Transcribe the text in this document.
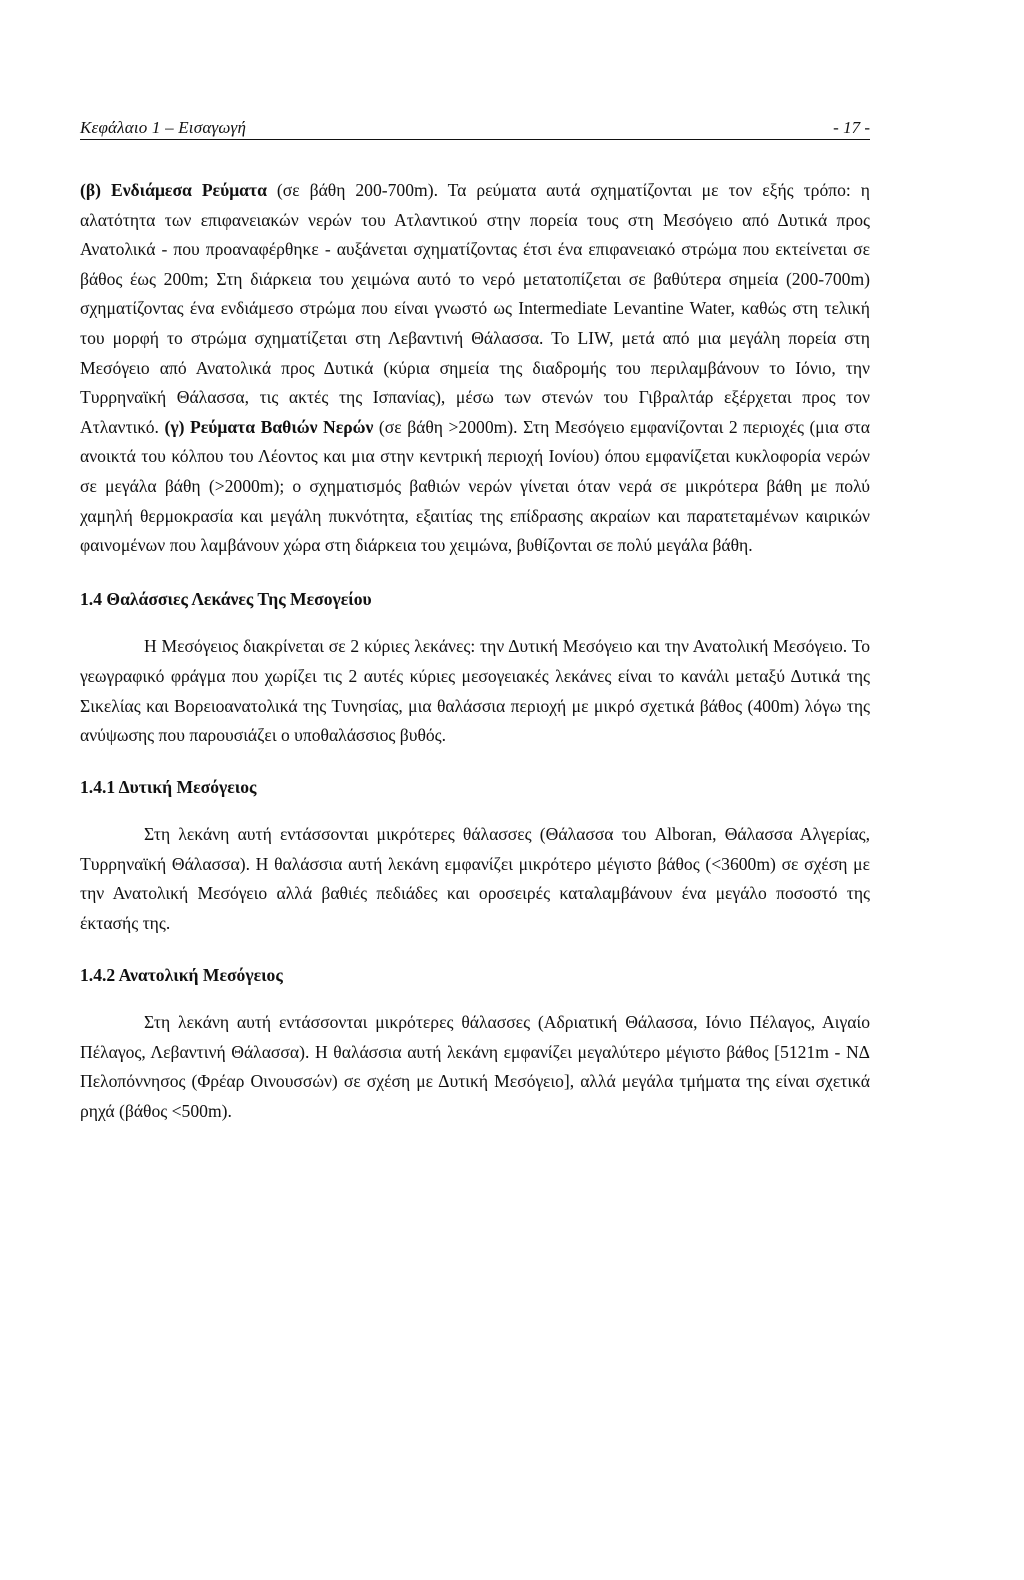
Κεφάλαιο 1 – Εισαγωγή	- 17 -

(β) Ενδιάμεσα Ρεύματα (σε βάθη 200-700m). Τα ρεύματα αυτά σχηματίζονται με τον εξής τρόπο: η αλατότητα των επιφανειακών νερών του Ατλαντικού στην πορεία τους στη Μεσόγειο από Δυτικά προς Ανατολικά - που προαναφέρθηκε - αυξάνεται σχηματίζοντας έτσι ένα επιφανειακό στρώμα που εκτείνεται σε βάθος έως 200m; Στη διάρκεια του χειμώνα αυτό το νερό μετατοπίζεται σε βαθύτερα σημεία (200-700m) σχηματίζοντας ένα ενδιάμεσο στρώμα που είναι γνωστό ως Intermediate Levantine Water, καθώς στη τελική του μορφή το στρώμα σχηματίζεται στη Λεβαντινή Θάλασσα. Το LIW, μετά από μια μεγάλη πορεία στη Μεσόγειο από Ανατολικά προς Δυτικά (κύρια σημεία της διαδρομής του περιλαμβάνουν το Ιόνιο, την Τυρρηναϊκή Θάλασσα, τις ακτές της Ισπανίας), μέσω των στενών του Γιβραλτάρ εξέρχεται προς τον Ατλαντικό. (γ) Ρεύματα Βαθιών Νερών (σε βάθη >2000m). Στη Μεσόγειο εμφανίζονται 2 περιοχές (μια στα ανοικτά του κόλπου του Λέοντος και μια στην κεντρική περιοχή Ιονίου) όπου εμφανίζεται κυκλοφορία νερών σε μεγάλα βάθη (>2000m); ο σχηματισμός βαθιών νερών γίνεται όταν νερά σε μικρότερα βάθη με πολύ χαμηλή θερμοκρασία και μεγάλη πυκνότητα, εξαιτίας της επίδρασης ακραίων και παρατεταμένων καιρικών φαινομένων που λαμβάνουν χώρα στη διάρκεια του χειμώνα, βυθίζονται σε πολύ μεγάλα βάθη.

1.4 Θαλάσσιες Λεκάνες Της Μεσογείου

Η Μεσόγειος διακρίνεται σε 2 κύριες λεκάνες: την Δυτική Μεσόγειο και την Ανατολική Μεσόγειο. Το γεωγραφικό φράγμα που χωρίζει τις 2 αυτές κύριες μεσογειακές λεκάνες είναι το κανάλι μεταξύ Δυτικά της Σικελίας και Βορειοανατολικά της Τυνησίας, μια θαλάσσια περιοχή με μικρό σχετικά βάθος (400m) λόγω της ανύψωσης που παρουσιάζει ο υποθαλάσσιος βυθός.

1.4.1 Δυτική Μεσόγειος

Στη λεκάνη αυτή εντάσσονται μικρότερες θάλασσες (Θάλασσα του Alboran, Θάλασσα Αλγερίας, Τυρρηναϊκή Θάλασσα). Η θαλάσσια αυτή λεκάνη εμφανίζει μικρότερο μέγιστο βάθος (<3600m) σε σχέση με την Ανατολική Μεσόγειο αλλά βαθιές πεδιάδες και οροσειρές καταλαμβάνουν ένα μεγάλο ποσοστό της έκτασής της.

1.4.2 Ανατολική Μεσόγειος

Στη λεκάνη αυτή εντάσσονται μικρότερες θάλασσες (Αδριατική Θάλασσα, Ιόνιο Πέλαγος, Αιγαίο Πέλαγος, Λεβαντινή Θάλασσα). Η θαλάσσια αυτή λεκάνη εμφανίζει μεγαλύτερο μέγιστο βάθος [5121m - ΝΔ Πελοπόννησος (Φρέαρ Οινουσσών) σε σχέση με Δυτική Μεσόγειο], αλλά μεγάλα τμήματα της είναι σχετικά ρηχά (βάθος <500m).
